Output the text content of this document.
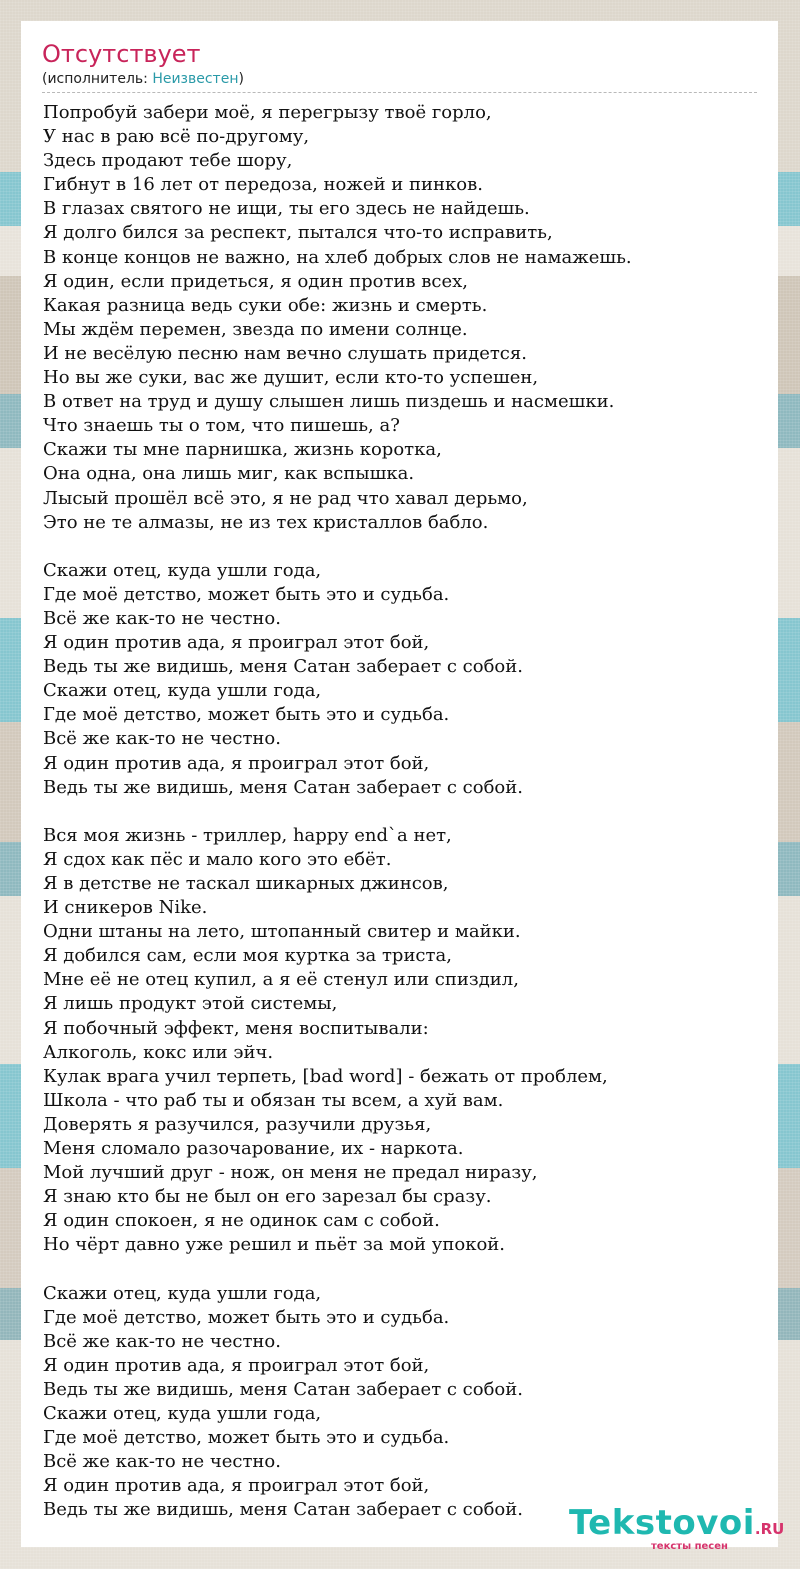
Отсутствует
(исполнитель: Неизвестен)

Попробуй забери моё, я перегрызу твоё горло,
У нас в раю всё по-другому,
Здесь продают тебе шору,
Гибнут в 16 лет от передоза, ножей и пинков.
В глазах святого не ищи, ты его здесь не найдешь.
Я долго бился за респект, пытался что-то исправить,
В конце концов не важно, на хлеб добрых слов не намажешь.
Я один, если придеться, я один против всех,
Какая разница ведь суки обе: жизнь и смерть.
Мы ждём перемен, звезда по имени солнце.
И не весёлую песню нам вечно слушать придется.
Но вы же суки, вас же душит, если кто-то успешен,
В ответ на труд и душу слышен лишь пиздешь и насмешки.
Что знаешь ты о том, что пишешь, а?
Скажи ты мне парнишка, жизнь коротка,
Она одна, она лишь миг, как вспышка.
Лысый прошёл всё это, я не рад что хавал дерьмо,
Это не те алмазы, не из тех кристаллов бабло.

Скажи отец, куда ушли года,
Где моё детство, может быть это и судьба.
Всё же как-то не честно.
Я один против ада, я проиграл этот бой,
Ведь ты же видишь, меня Сатан заберает с собой.
Скажи отец, куда ушли года,
Где моё детство, может быть это и судьба.
Всё же как-то не честно.
Я один против ада, я проиграл этот бой,
Ведь ты же видишь, меня Сатан заберает с собой.

Вся моя жизнь - триллер, happy end`a нет,
Я сдох как пёс и мало кого это ебёт.
Я в детстве не таскал шикарных джинсов,
И сникеров Nike.
Одни штаны на лето, штопанный свитер и майки.
Я добился сам, если моя куртка за триста,
Мне её не отец купил, а я её стенул или спиздил,
Я лишь продукт этой системы,
Я побочный эффект, меня воспитывали:
Алкоголь, кокс или эйч.
Кулак врага учил терпеть, [bad word] - бежать от проблем,
Школа - что раб ты и обязан ты всем, а хуй вам.
Доверять я разучился, разучили друзья,
Меня сломало разочарование, их - наркота.
Мой лучший друг - нож, он меня не предал ниразу,
Я знаю кто бы не был он его зарезал бы сразу.
Я один спокоен, я не одинок сам с собой.
Но чёрт давно уже решил и пьёт за мой упокой.

Скажи отец, куда ушли года,
Где моё детство, может быть это и судьба.
Всё же как-то не честно.
Я один против ада, я проиграл этот бой,
Ведь ты же видишь, меня Сатан заберает с собой.
Скажи отец, куда ушли года,
Где моё детство, может быть это и судьба.
Всё же как-то не честно.
Я один против ада, я проиграл этот бой,
Ведь ты же видишь, меня Сатан заберает с собой.	Tekstovoi.RU
тексты песен
